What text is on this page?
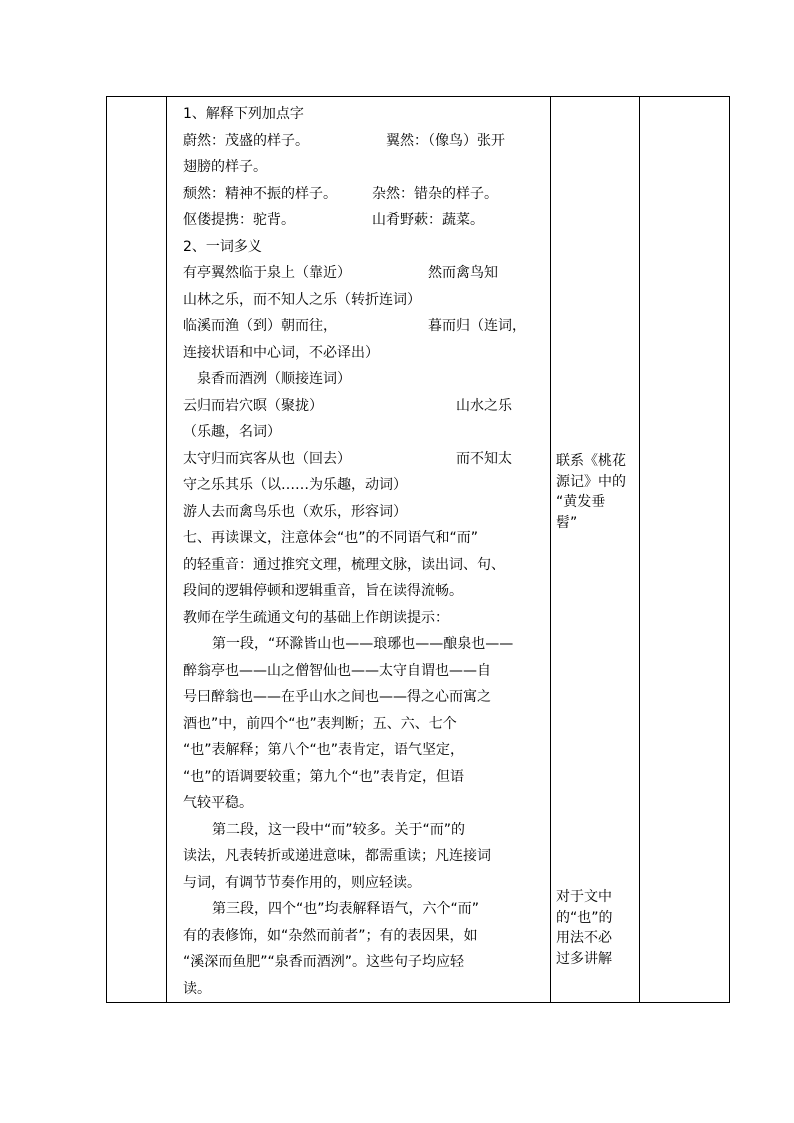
1、解释下列加点字
蔚然：茂盛的样子。　　　　　　翼然：（像鸟）张开
翅膀的样子。
颓然：精神不振的样子。　　　杂然：错杂的样子。
伛偻提携：驼背。　　　　　　山肴野蔌：蔬菜。
2、一词多义
有亭翼然临于泉上（靠近）　　　　　　然而禽鸟知
山林之乐，而不知人之乐（转折连词）
临溪而渔（到）朝而往，　　　　　　　暮而归（连词，
连接状语和中心词，不必译出）
泉香而酒洌（顺接连词）
云归而岩穴暝（聚拢）　　　　　　　　　　山水之乐
（乐趣，名词）
太守归而宾客从也（回去）　　　　　　　　而不知太
守之乐其乐（以……为乐趣，动词）
游人去而禽鸟乐也（欢乐，形容词）
七、再读课文，注意体会“也”的不同语气和“而”
的轻重音：通过推究文理，梳理文脉，读出词、句、
段间的逻辑停顿和逻辑重音，旨在读得流畅。
教师在学生疏通文句的基础上作朗读提示：
第一段，“环滁皆山也——琅琊也——酿泉也——
醉翁亭也——山之僧智仙也——太守自谓也——自
号曰醉翁也——在乎山水之间也——得之心而寓之
酒也”中，前四个“也”表判断；五、六、七个
“也”表解释；第八个“也”表肯定，语气坚定，
“也”的语调要较重；第九个“也”表肯定，但语
气较平稳。
第二段，这一段中“而”较多。关于“而”的
读法，凡表转折或递进意味，都需重读；凡连接词
与词，有调节节奏作用的，则应轻读。
第三段，四个“也”均表解释语气，六个“而”
有的表修饰，如“杂然而前者”；有的表因果，如
“溪深而鱼肥”“泉香而酒洌”。这些句子均应轻
读。
联系《桃花
源记》中的
“黄发垂
髫”
对于文中
的“也”的
用法不必
过多讲解
